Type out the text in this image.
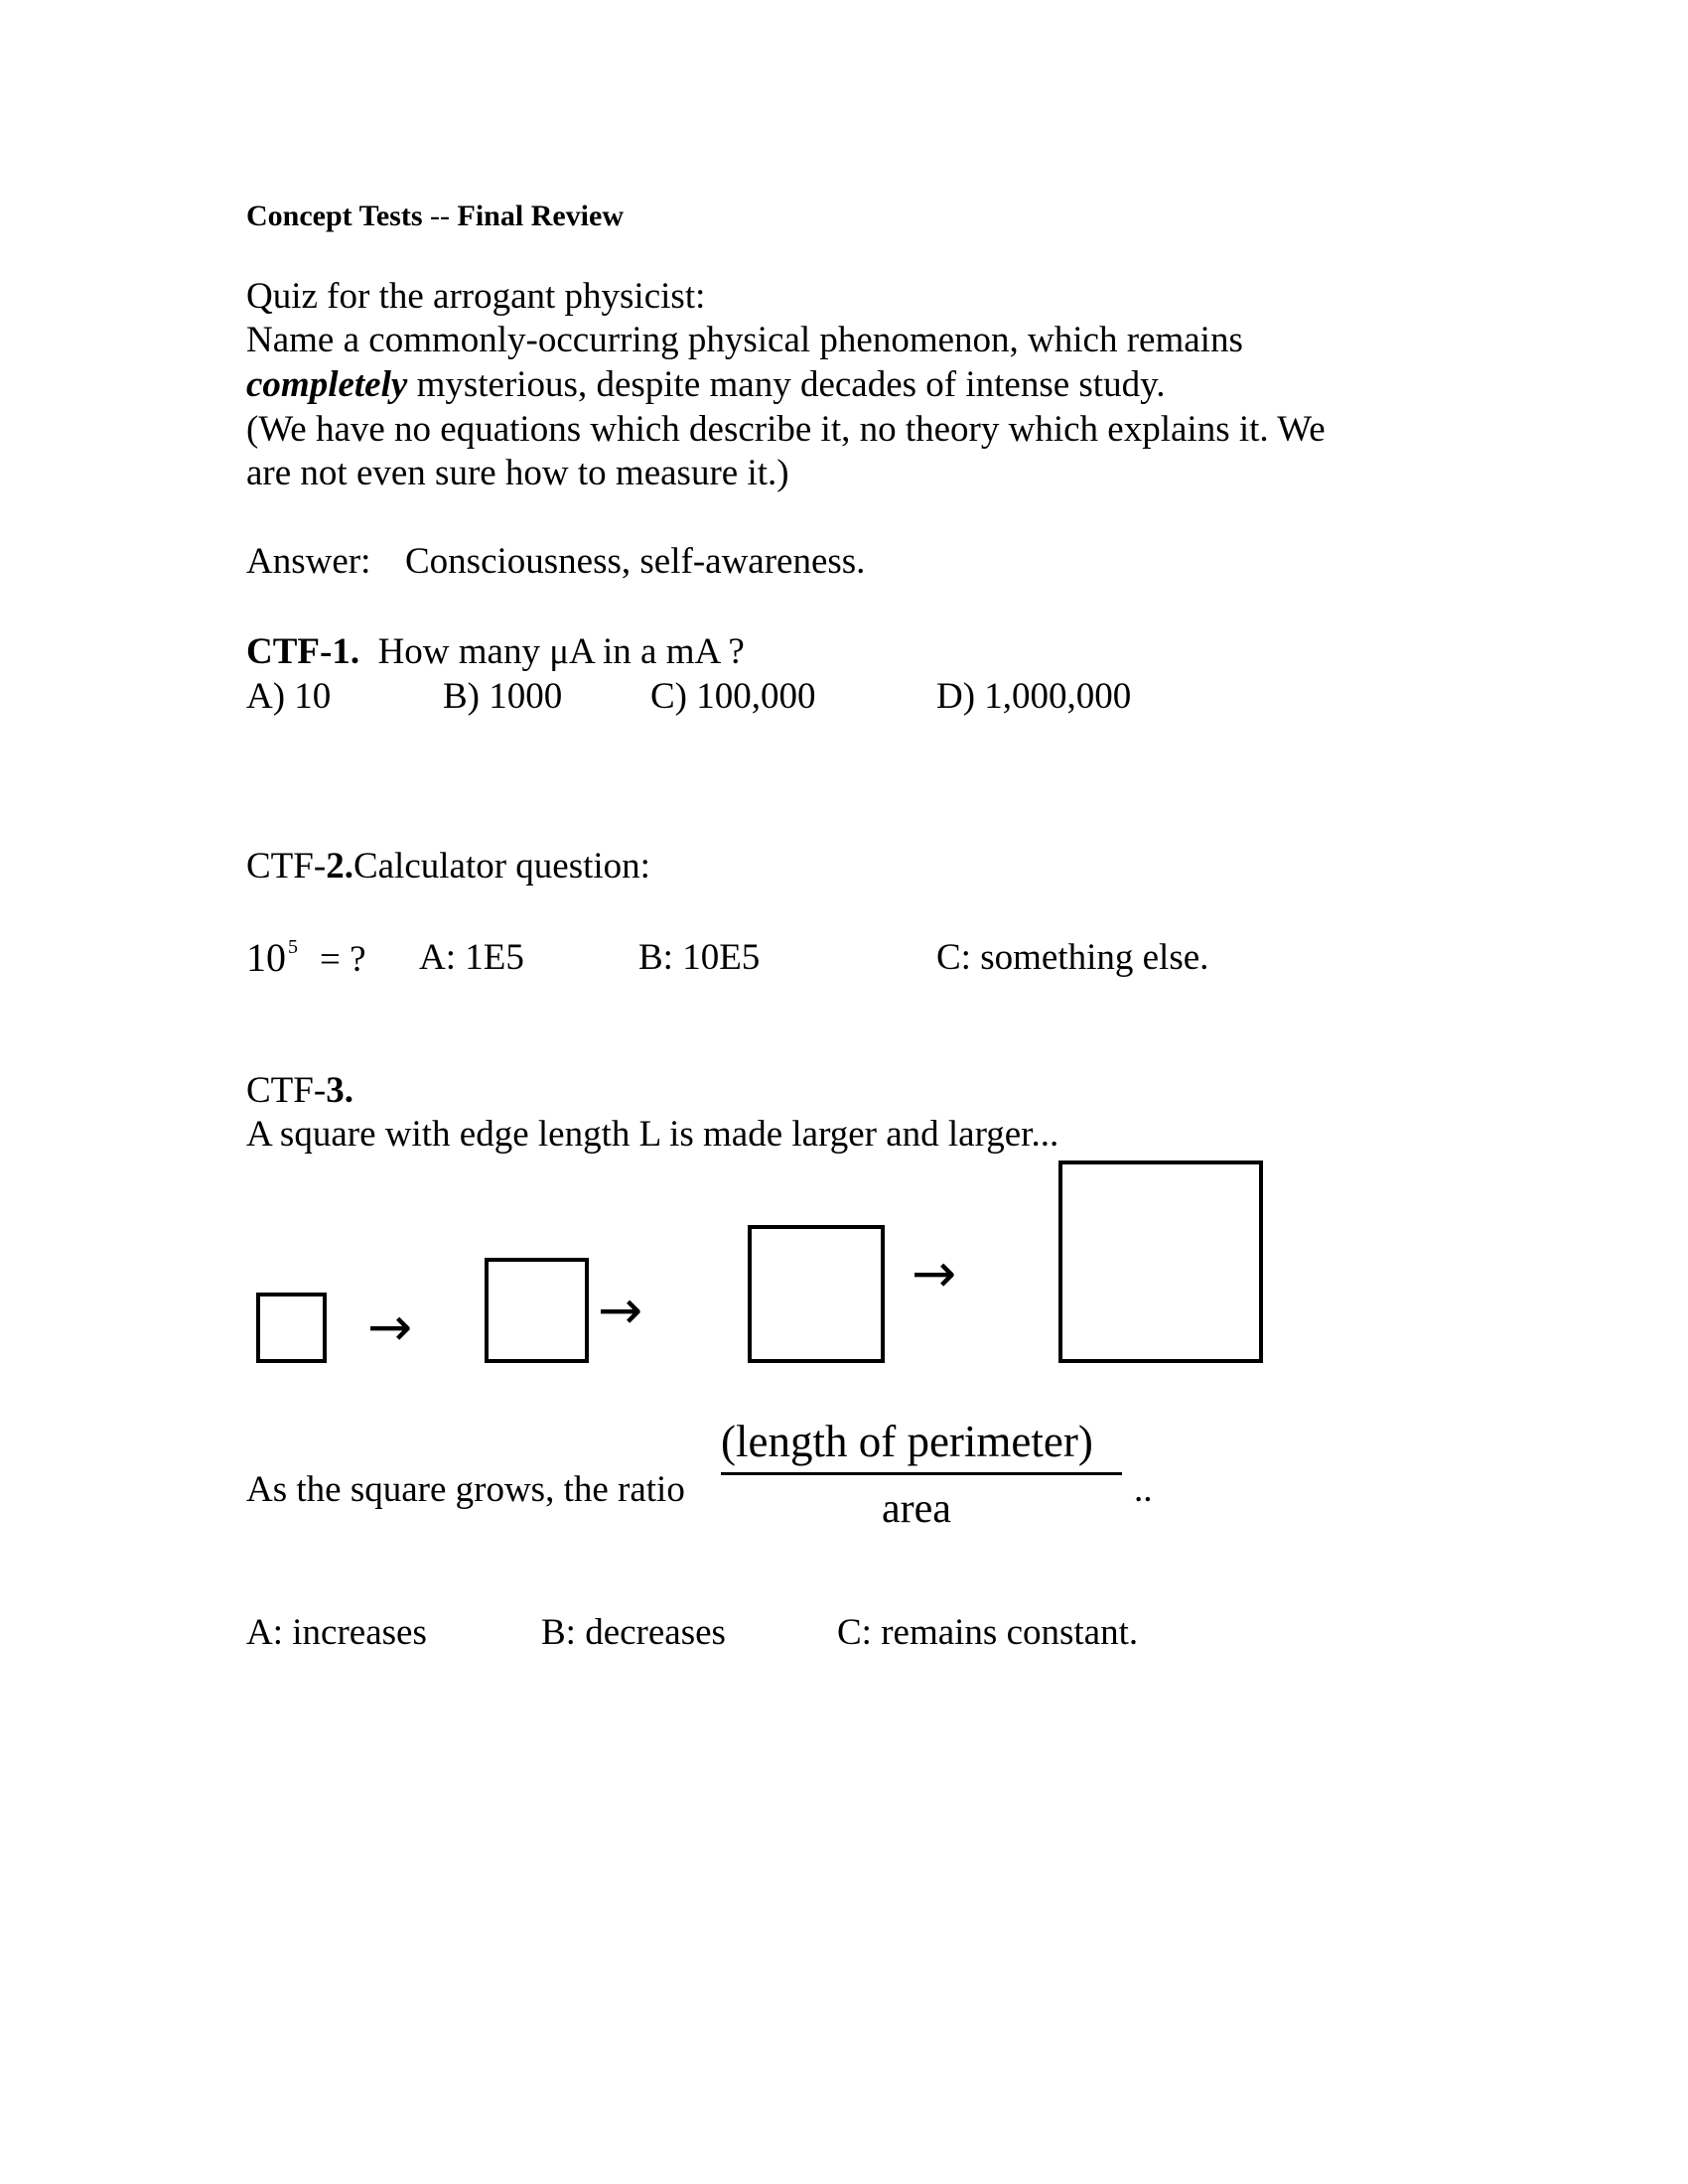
Concept Tests -- Final Review
Quiz for the arrogant physicist:
Name a commonly-occurring physical phenomenon, which remains
completely mysterious, despite many decades of intense study.
(We have no equations which describe it, no theory which explains it. We
are not even sure how to measure it.)
Answer: Consciousness, self-awareness.
CTF-1. How many μA in a mA ?
A) 10	B) 1000 C) 100,000	D) 1,000,000
CTF-2.Calculator question:
10 $^5$ = ? A: 1E5	B: 10E5	C: something else.
CTF-3.
A square with edge length L is made larger and larger...
→	→
→
As the square grows, the ratio
(length of perimeter)
area	..
A: increases	B: decreases	C: remains constant.
